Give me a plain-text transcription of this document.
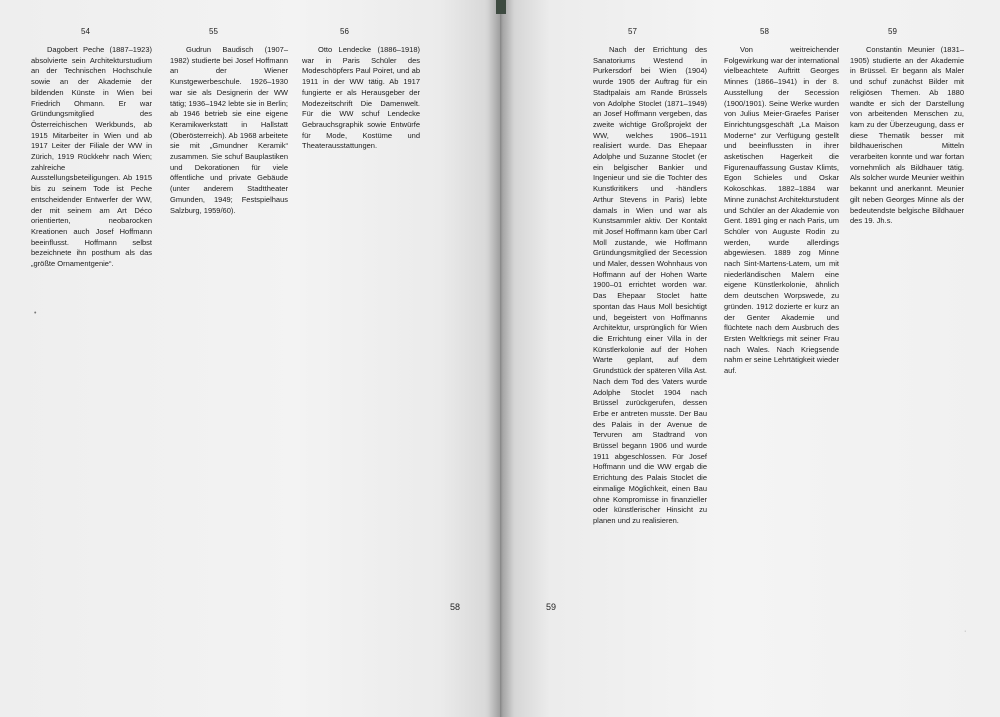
54
Dagobert Peche (1887–1923) absolvierte sein Architekturstudium an der Technischen Hochschule sowie an der Akademie der bildenden Künste in Wien bei Friedrich Ohmann. Er war Gründungsmitglied des Österreichischen Werkbunds, ab 1915 Mitarbeiter in Wien und ab 1917 Leiter der Filiale der WW in Zürich, 1919 Rückkehr nach Wien; zahlreiche Ausstellungsbeteiligungen. Ab 1915 bis zu seinem Tode ist Peche entscheidender Entwerfer der WW, der mit seinem am Art Déco orientierten, neobarocken Kreationen auch Josef Hoffmann beeinflusst. Hoffmann selbst bezeichnete ihn posthum als das „größte Ornamentgenie“.
55
Gudrun Baudisch (1907–1982) studierte bei Josef Hoffmann an der Wiener Kunstgewerbeschule. 1926–1930 war sie als Designerin der WW tätig; 1936–1942 lebte sie in Berlin; ab 1946 betrieb sie eine eigene Keramikwerkstatt in Hallstatt (Oberösterreich). Ab 1968 arbeitete sie mit „Gmundner Keramik“ zusammen. Sie schuf Bauplastiken und Dekorationen für viele öffentliche und private Gebäude (unter anderem Stadttheater Gmunden, 1949; Festspielhaus Salzburg, 1959/60).
56
Otto Lendecke (1886–1918) war in Paris Schüler des Modeschöpfers Paul Poiret, und ab 1911 in der WW tätig. Ab 1917 fungierte er als Herausgeber der Modezeitschrift Die Damenwelt. Für die WW schuf Lendecke Gebrauchsgraphik sowie Entwürfe für Mode, Kostüme und Theaterausstattungen.
57
Nach der Errichtung des Sanatoriums Westend in Purkersdorf bei Wien (1904) wurde 1905 der Auftrag für ein Stadtpalais am Rande Brüssels von Adolphe Stoclet (1871–1949) an Josef Hoffmann vergeben, das zweite wichtige Großprojekt der WW, welches 1906–1911 realisiert wurde. Das Ehepaar Adolphe und Suzanne Stoclet (er ein belgischer Bankier und Ingenieur und sie die Tochter des Kunstkritikers und -händlers Arthur Stevens in Paris) lebte damals in Wien und war als Kunstsammler aktiv. Der Kontakt mit Josef Hoffmann kam über Carl Moll zustande, wie Hoffmann Gründungsmitglied der Secession und Maler, dessen Wohnhaus von Hoffmann auf der Hohen Warte 1900–01 errichtet worden war. Das Ehepaar Stoclet hatte spontan das Haus Moll besichtigt und, begeistert von Hoffmanns Architektur, ursprünglich für Wien die Errichtung einer Villa in der Künstlerkolonie auf der Hohen Warte geplant, auf dem Grundstück der späteren Villa Ast. Nach dem Tod des Vaters wurde Adolphe Stoclet 1904 nach Brüssel zurückgerufen, dessen Erbe er antreten musste. Der Bau des Palais in der Avenue de Tervuren am Stadtrand von Brüssel begann 1906 und wurde 1911 abgeschlossen. Für Josef Hoffmann und die WW ergab die Errichtung des Palais Stoclet die einmalige Möglichkeit, einen Bau ohne Kompromisse in finanzieller oder künstlerischer Hinsicht zu planen und zu realisieren.
58
Von weitreichender Folgewirkung war der international vielbeachtete Auftritt Georges Minnes (1866–1941) in der 8. Ausstellung der Secession (1900/1901). Seine Werke wurden von Julius Meier-Graefes Pariser Einrichtungsgeschäft „La Maison Moderne“ zur Verfügung gestellt und beeinflussten in ihrer asketischen Hagerkeit die Figurenauffassung Gustav Klimts, Egon Schieles und Oskar Kokoschkas. 1882–1884 war Minne zunächst Architekturstudent und Schüler an der Akademie von Gent. 1891 ging er nach Paris, um Schüler von Auguste Rodin zu werden, wurde allerdings abgewiesen. 1889 zog Minne nach Sint-Martens-Latem, um mit niederländischen Malern eine eigene Künstlerkolonie, ähnlich dem deutschen Worpswede, zu gründen. 1912 dozierte er kurz an der Genter Akademie und flüchtete nach dem Ausbruch des Ersten Weltkriegs mit seiner Frau nach Wales. Nach Kriegsende nahm er seine Lehrtätigkeit wieder auf.
59
Constantin Meunier (1831–1905) studierte an der Akademie in Brüssel. Er begann als Maler und schuf zunächst Bilder mit religiösen Themen. Ab 1880 wandte er sich der Darstellung von arbeitenden Menschen zu, kam zu der Überzeugung, dass er diese Thematik besser mit bildhauerischen Mitteln verarbeiten konnte und war fortan vornehmlich als Bildhauer tätig. Als solcher wurde Meunier weithin bekannt und anerkannt. Meunier gilt neben Georges Minne als der bedeutendste belgische Bildhauer des 19. Jh.s.
58	59
•
·
